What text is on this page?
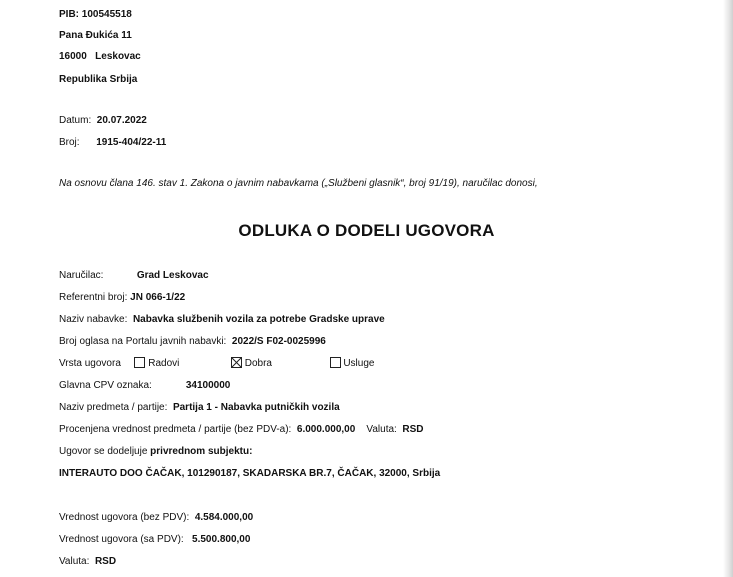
PIB: 100545518
Pana Đukića 11
16000 Leskovac
Republika Srbija
Datum: 20.07.2022
Broj: 1915-404/22-11
Na osnovu člana 146. stav 1. Zakona o javnim nabavkama („Službeni glasnik“, broj 91/19), naručilac donosi,
ODLUKA O DODELI UGOVORA
Naručilac:	Grad Leskovac
Referentni broj: JN 066-1/22
Naziv nabavke: Nabavka službenih vozila za potrebe Gradske uprave
Broj oglasa na Portalu javnih nabavki: 2022/S F02-0025996
Vrsta ugovora	Radovi	Dobra	Usluge
Glavna CPV oznaka:	34100000
Naziv predmeta / partije: Partija 1 - Nabavka putničkih vozila
Procenjena vrednost predmeta / partije (bez PDV-a): 6.000.000,00 Valuta: RSD
Ugovor se dodeljuje privrednom subjektu:
INTERAUTO DOO ČAČAK, 101290187, SKADARSKA BR.7, ČAČAK, 32000, Srbija
Vrednost ugovora (bez PDV): 4.584.000,00
Vrednost ugovora (sa PDV): 5.500.800,00
Valuta: RSD
